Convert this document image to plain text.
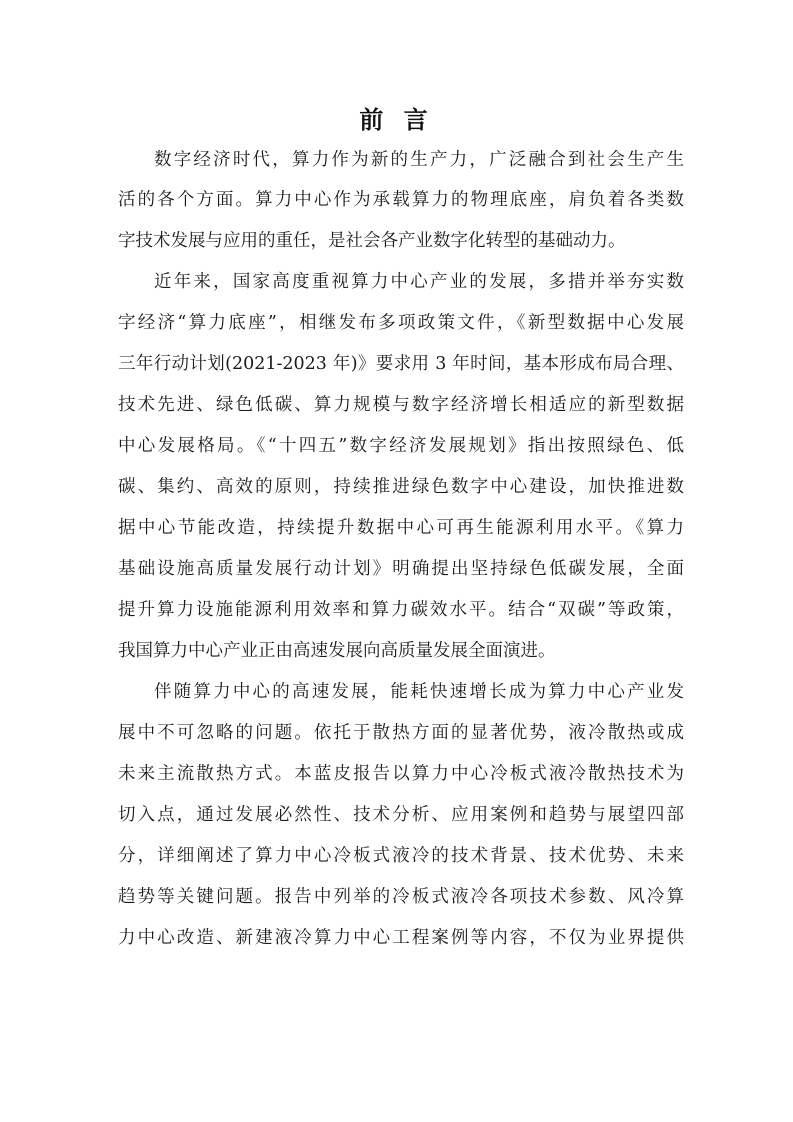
前 言
数字经济时代，算力作为新的生产力，广泛融合到社会生产生
活的各个方面。算力中心作为承载算力的物理底座，肩负着各类数
字技术发展与应用的重任，是社会各产业数字化转型的基础动力。
近年来，国家高度重视算力中心产业的发展，多措并举夯实数
字经济“算力底座”，相继发布多项政策文件，《新型数据中心发展
三年行动计划(2021-2023 年)》要求用 3 年时间，基本形成布局合理、
技术先进、绿色低碳、算力规模与数字经济增长相适应的新型数据
中心发展格局。《“十四五”数字经济发展规划》指出按照绿色、低
碳、集约、高效的原则，持续推进绿色数字中心建设，加快推进数
据中心节能改造，持续提升数据中心可再生能源利用水平。《算力
基础设施高质量发展行动计划》明确提出坚持绿色低碳发展，全面
提升算力设施能源利用效率和算力碳效水平。结合“双碳”等政策，
我国算力中心产业正由高速发展向高质量发展全面演进。
伴随算力中心的高速发展，能耗快速增长成为算力中心产业发
展中不可忽略的问题。依托于散热方面的显著优势，液冷散热或成
未来主流散热方式。本蓝皮报告以算力中心冷板式液冷散热技术为
切入点，通过发展必然性、技术分析、应用案例和趋势与展望四部
分，详细阐述了算力中心冷板式液冷的技术背景、技术优势、未来
趋势等关键问题。报告中列举的冷板式液冷各项技术参数、风冷算
力中心改造、新建液冷算力中心工程案例等内容，不仅为业界提供
